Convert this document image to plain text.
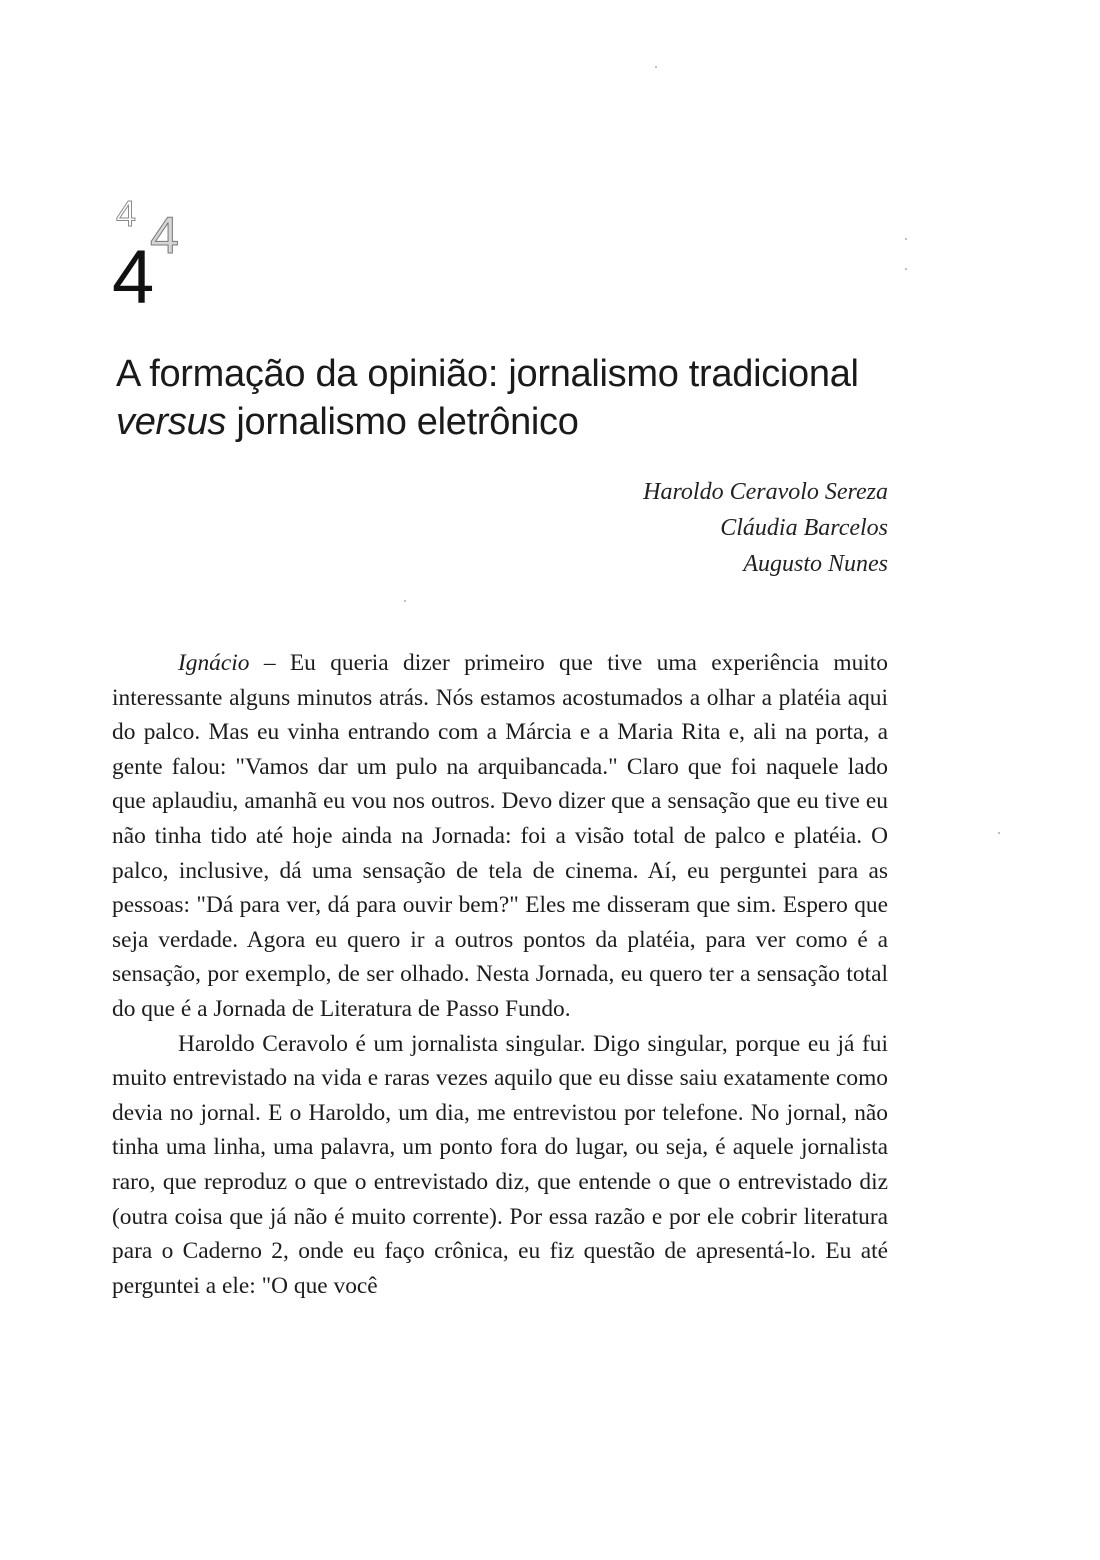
4 4
4
A formação da opinião: jornalismo tradicional versus jornalismo eletrônico
Haroldo Ceravolo Sereza
Cláudia Barcelos
Augusto Nunes

Ignácio – Eu queria dizer primeiro que tive uma experiência muito interessante alguns minutos atrás. Nós estamos acostumados a olhar a platéia aqui do palco. Mas eu vinha entrando com a Márcia e a Maria Rita e, ali na porta, a gente falou: "Vamos dar um pulo na arquibancada." Claro que foi naquele lado que aplaudiu, amanhã eu vou nos outros. Devo dizer que a sensação que eu tive eu não tinha tido até hoje ainda na Jornada: foi a visão total de palco e platéia. O palco, inclusive, dá uma sensação de tela de cinema. Aí, eu perguntei para as pessoas: "Dá para ver, dá para ouvir bem?" Eles me disseram que sim. Espero que seja verdade. Agora eu quero ir a outros pontos da platéia, para ver como é a sensação, por exemplo, de ser olhado. Nesta Jornada, eu quero ter a sensação total do que é a Jornada de Literatura de Passo Fundo.

Haroldo Ceravolo é um jornalista singular. Digo singular, porque eu já fui muito entrevistado na vida e raras vezes aquilo que eu disse saiu exatamente como devia no jornal. E o Haroldo, um dia, me entrevistou por telefone. No jornal, não tinha uma linha, uma palavra, um ponto fora do lugar, ou seja, é aquele jornalista raro, que reproduz o que o entrevistado diz, que entende o que o entrevistado diz (outra coisa que já não é muito corrente). Por essa razão e por ele cobrir literatura para o Caderno 2, onde eu faço crônica, eu fiz questão de apresentá-lo. Eu até perguntei a ele: "O que você
